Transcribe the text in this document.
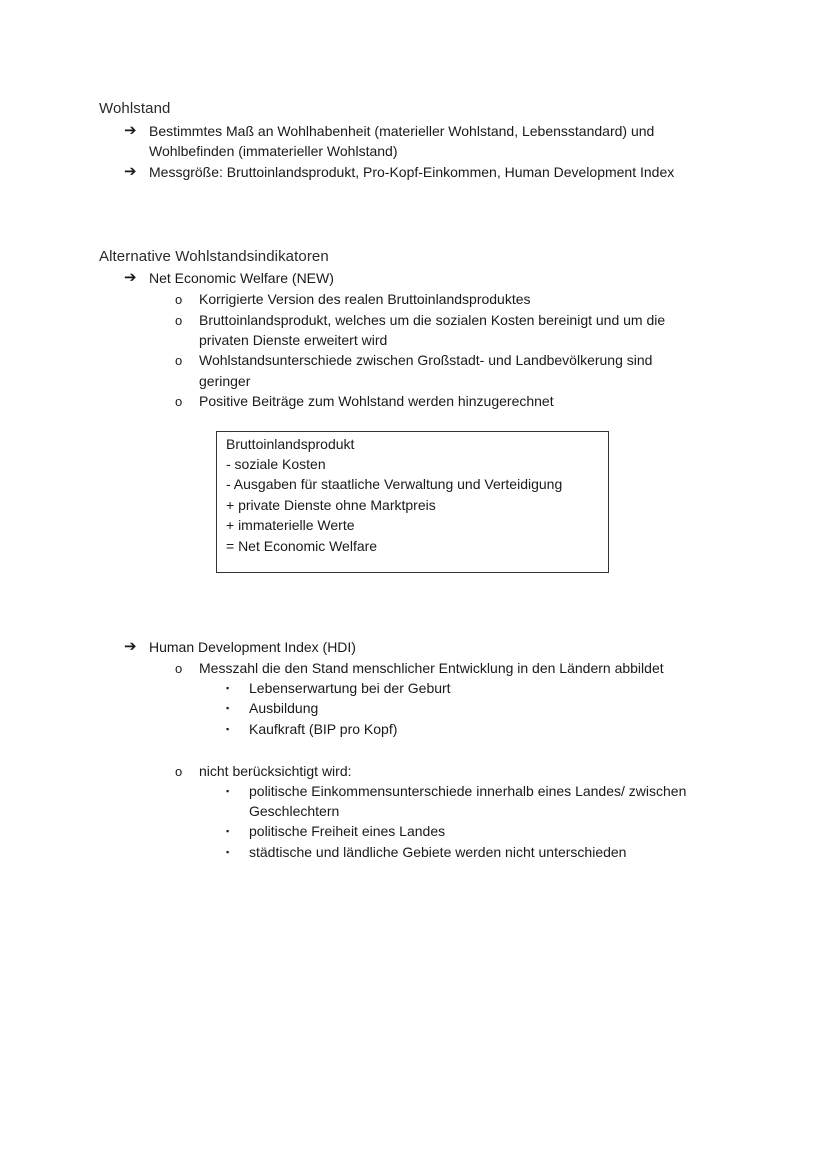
Wohlstand
➔ Bestimmtes Maß an Wohlhabenheit (materieller Wohlstand, Lebensstandard) und
Wohlbefinden (immaterieller Wohlstand)
➔ Messgröße: Bruttoinlandsprodukt, Pro-Kopf-Einkommen, Human Development Index
Alternative Wohlstandsindikatoren
➔ Net Economic Welfare (NEW)
o Korrigierte Version des realen Bruttoinlandsproduktes
o Bruttoinlandsprodukt, welches um die sozialen Kosten bereinigt und um die
privaten Dienste erweitert wird
o Wohlstandsunterschiede zwischen Großstadt- und Landbevölkerung sind
geringer
o Positive Beiträge zum Wohlstand werden hinzugerechnet
Bruttoinlandsprodukt
- soziale Kosten
- Ausgaben für staatliche Verwaltung und Verteidigung
+ private Dienste ohne Marktpreis
+ immaterielle Werte
= Net Economic Welfare
➔ Human Development Index (HDI)
o Messzahl die den Stand menschlicher Entwicklung in den Ländern abbildet
▪ Lebenserwartung bei der Geburt
▪ Ausbildung
▪ Kaufkraft (BIP pro Kopf)
o nicht berücksichtigt wird:
▪ politische Einkommensunterschiede innerhalb eines Landes/ zwischen
Geschlechtern
▪ politische Freiheit eines Landes
▪ städtische und ländliche Gebiete werden nicht unterschieden
